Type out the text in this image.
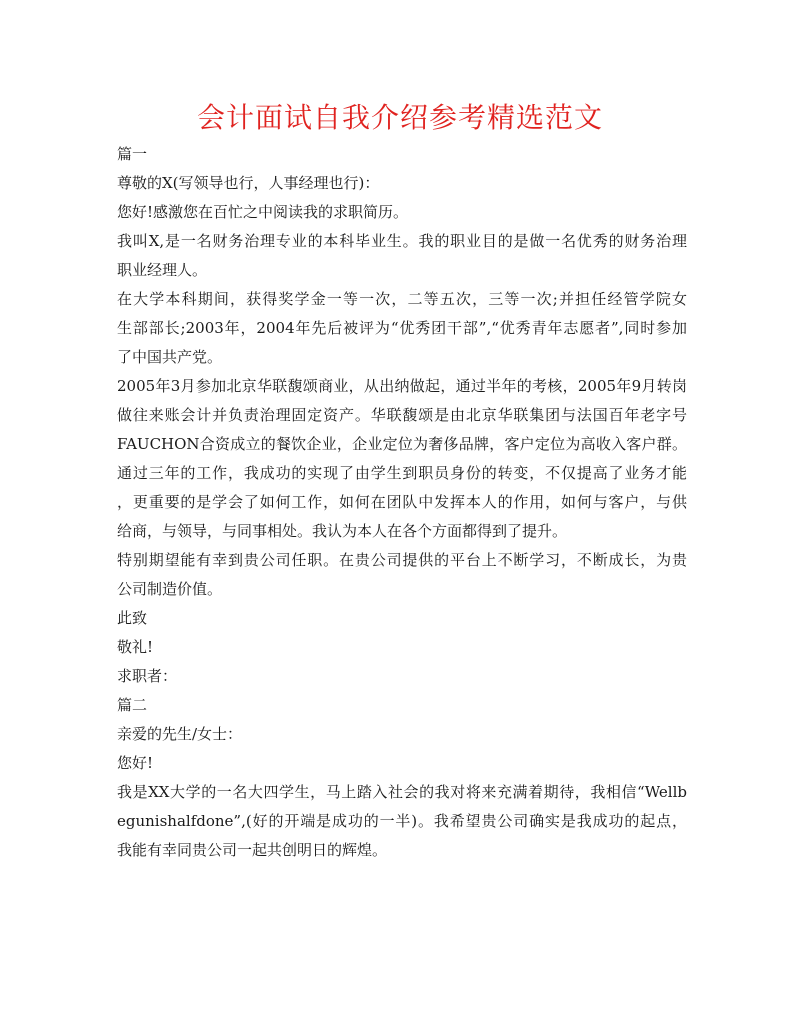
会计面试自我介绍参考精选范文
篇一
尊敬的X(写领导也行，人事经理也行)：
您好!感激您在百忙之中阅读我的求职简历。
我叫X,是一名财务治理专业的本科毕业生。我的职业目的是做一名优秀的财务治理
职业经理人。
在大学本科期间，获得奖学金一等一次，二等五次，三等一次;并担任经管学院女
生部部长;2003年，2004年先后被评为“优秀团干部”,“优秀青年志愿者”,同时参加
了中国共产党。
2005年3月参加北京华联馥颂商业，从出纳做起，通过半年的考核，2005年9月转岗
做往来账会计并负责治理固定资产。华联馥颂是由北京华联集团与法国百年老字号
FAUCHON合资成立的餐饮企业，企业定位为奢侈品牌，客户定位为高收入客户群。
通过三年的工作，我成功的实现了由学生到职员身份的转变，不仅提高了业务才能
，更重要的是学会了如何工作，如何在团队中发挥本人的作用，如何与客户，与供
给商，与领导，与同事相处。我认为本人在各个方面都得到了提升。
特别期望能有幸到贵公司任职。在贵公司提供的平台上不断学习，不断成长，为贵
公司制造价值。
此致
敬礼!
求职者：
篇二
亲爱的先生/女士：
您好!
我是XX大学的一名大四学生，马上踏入社会的我对将来充满着期待，我相信“Wellb
egunishalfdone”,(好的开端是成功的一半)。我希望贵公司确实是我成功的起点，
我能有幸同贵公司一起共创明日的辉煌。
